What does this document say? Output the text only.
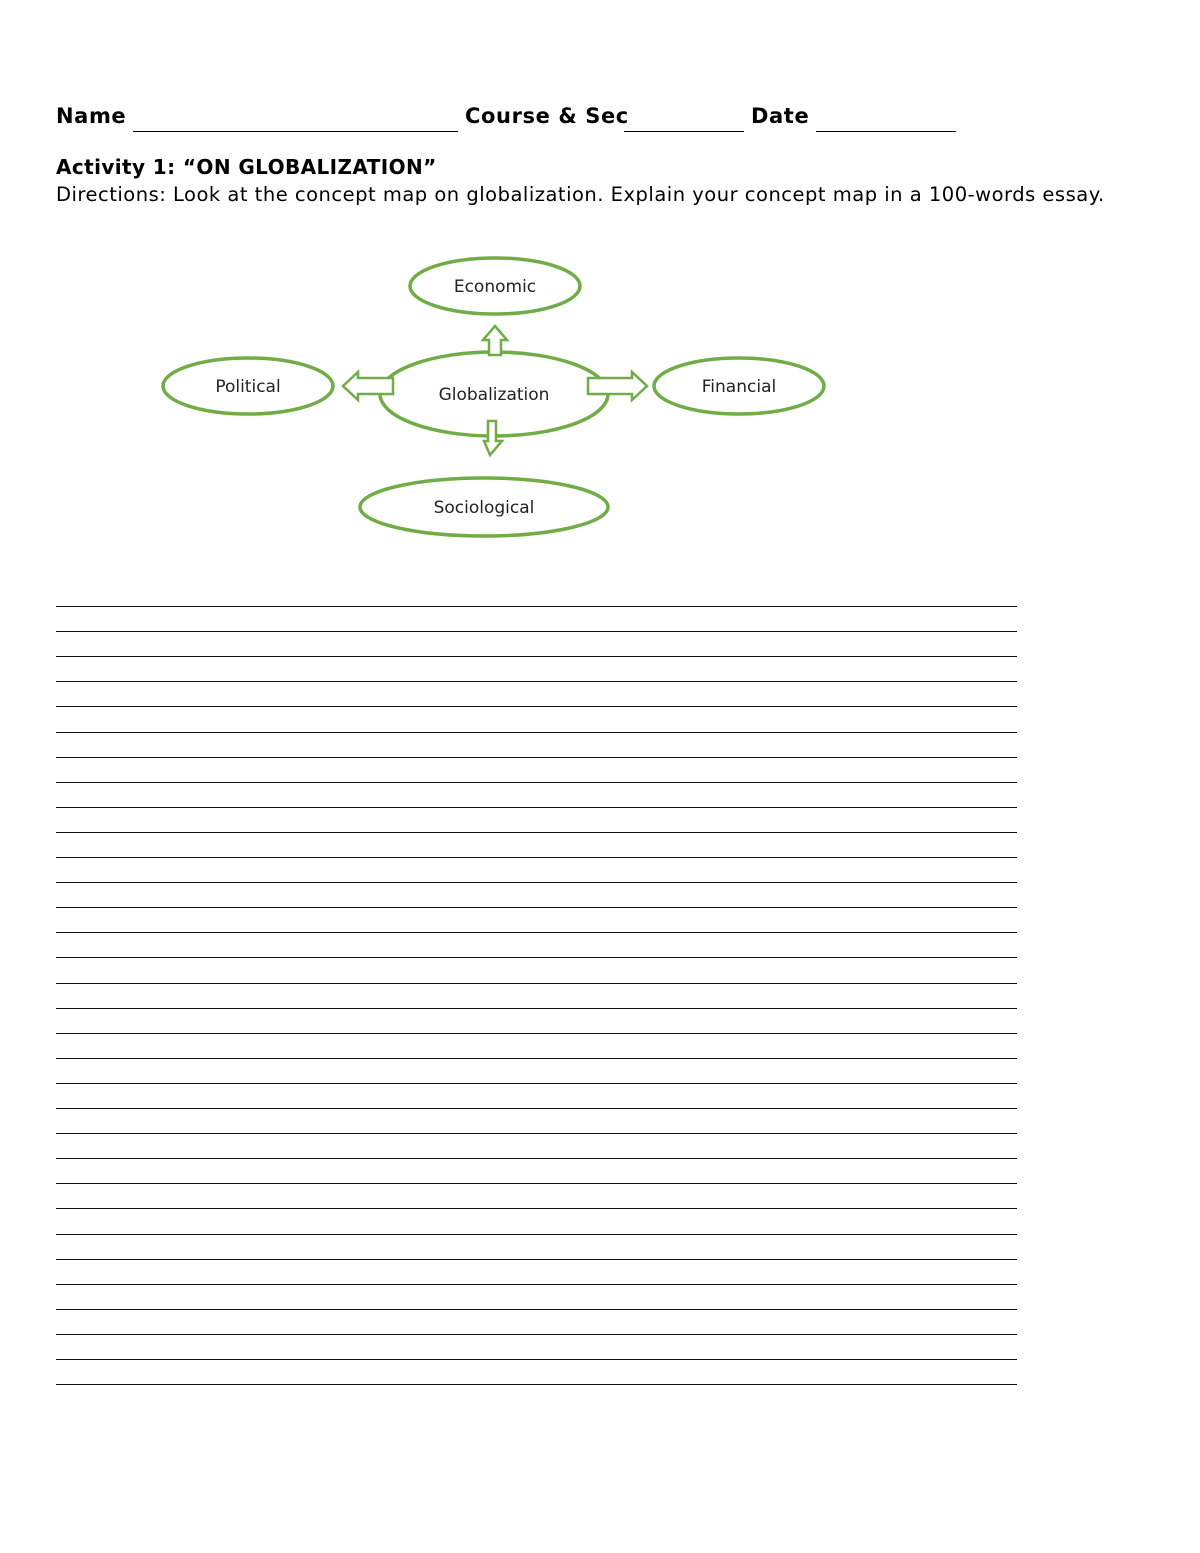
Name	Course & Sec	Date
Activity 1: “ON GLOBALIZATION”
Directions: Look at the concept map on globalization. Explain your concept map in a 100-words essay.
Economic
Political	Globalization	Financial
Sociological
